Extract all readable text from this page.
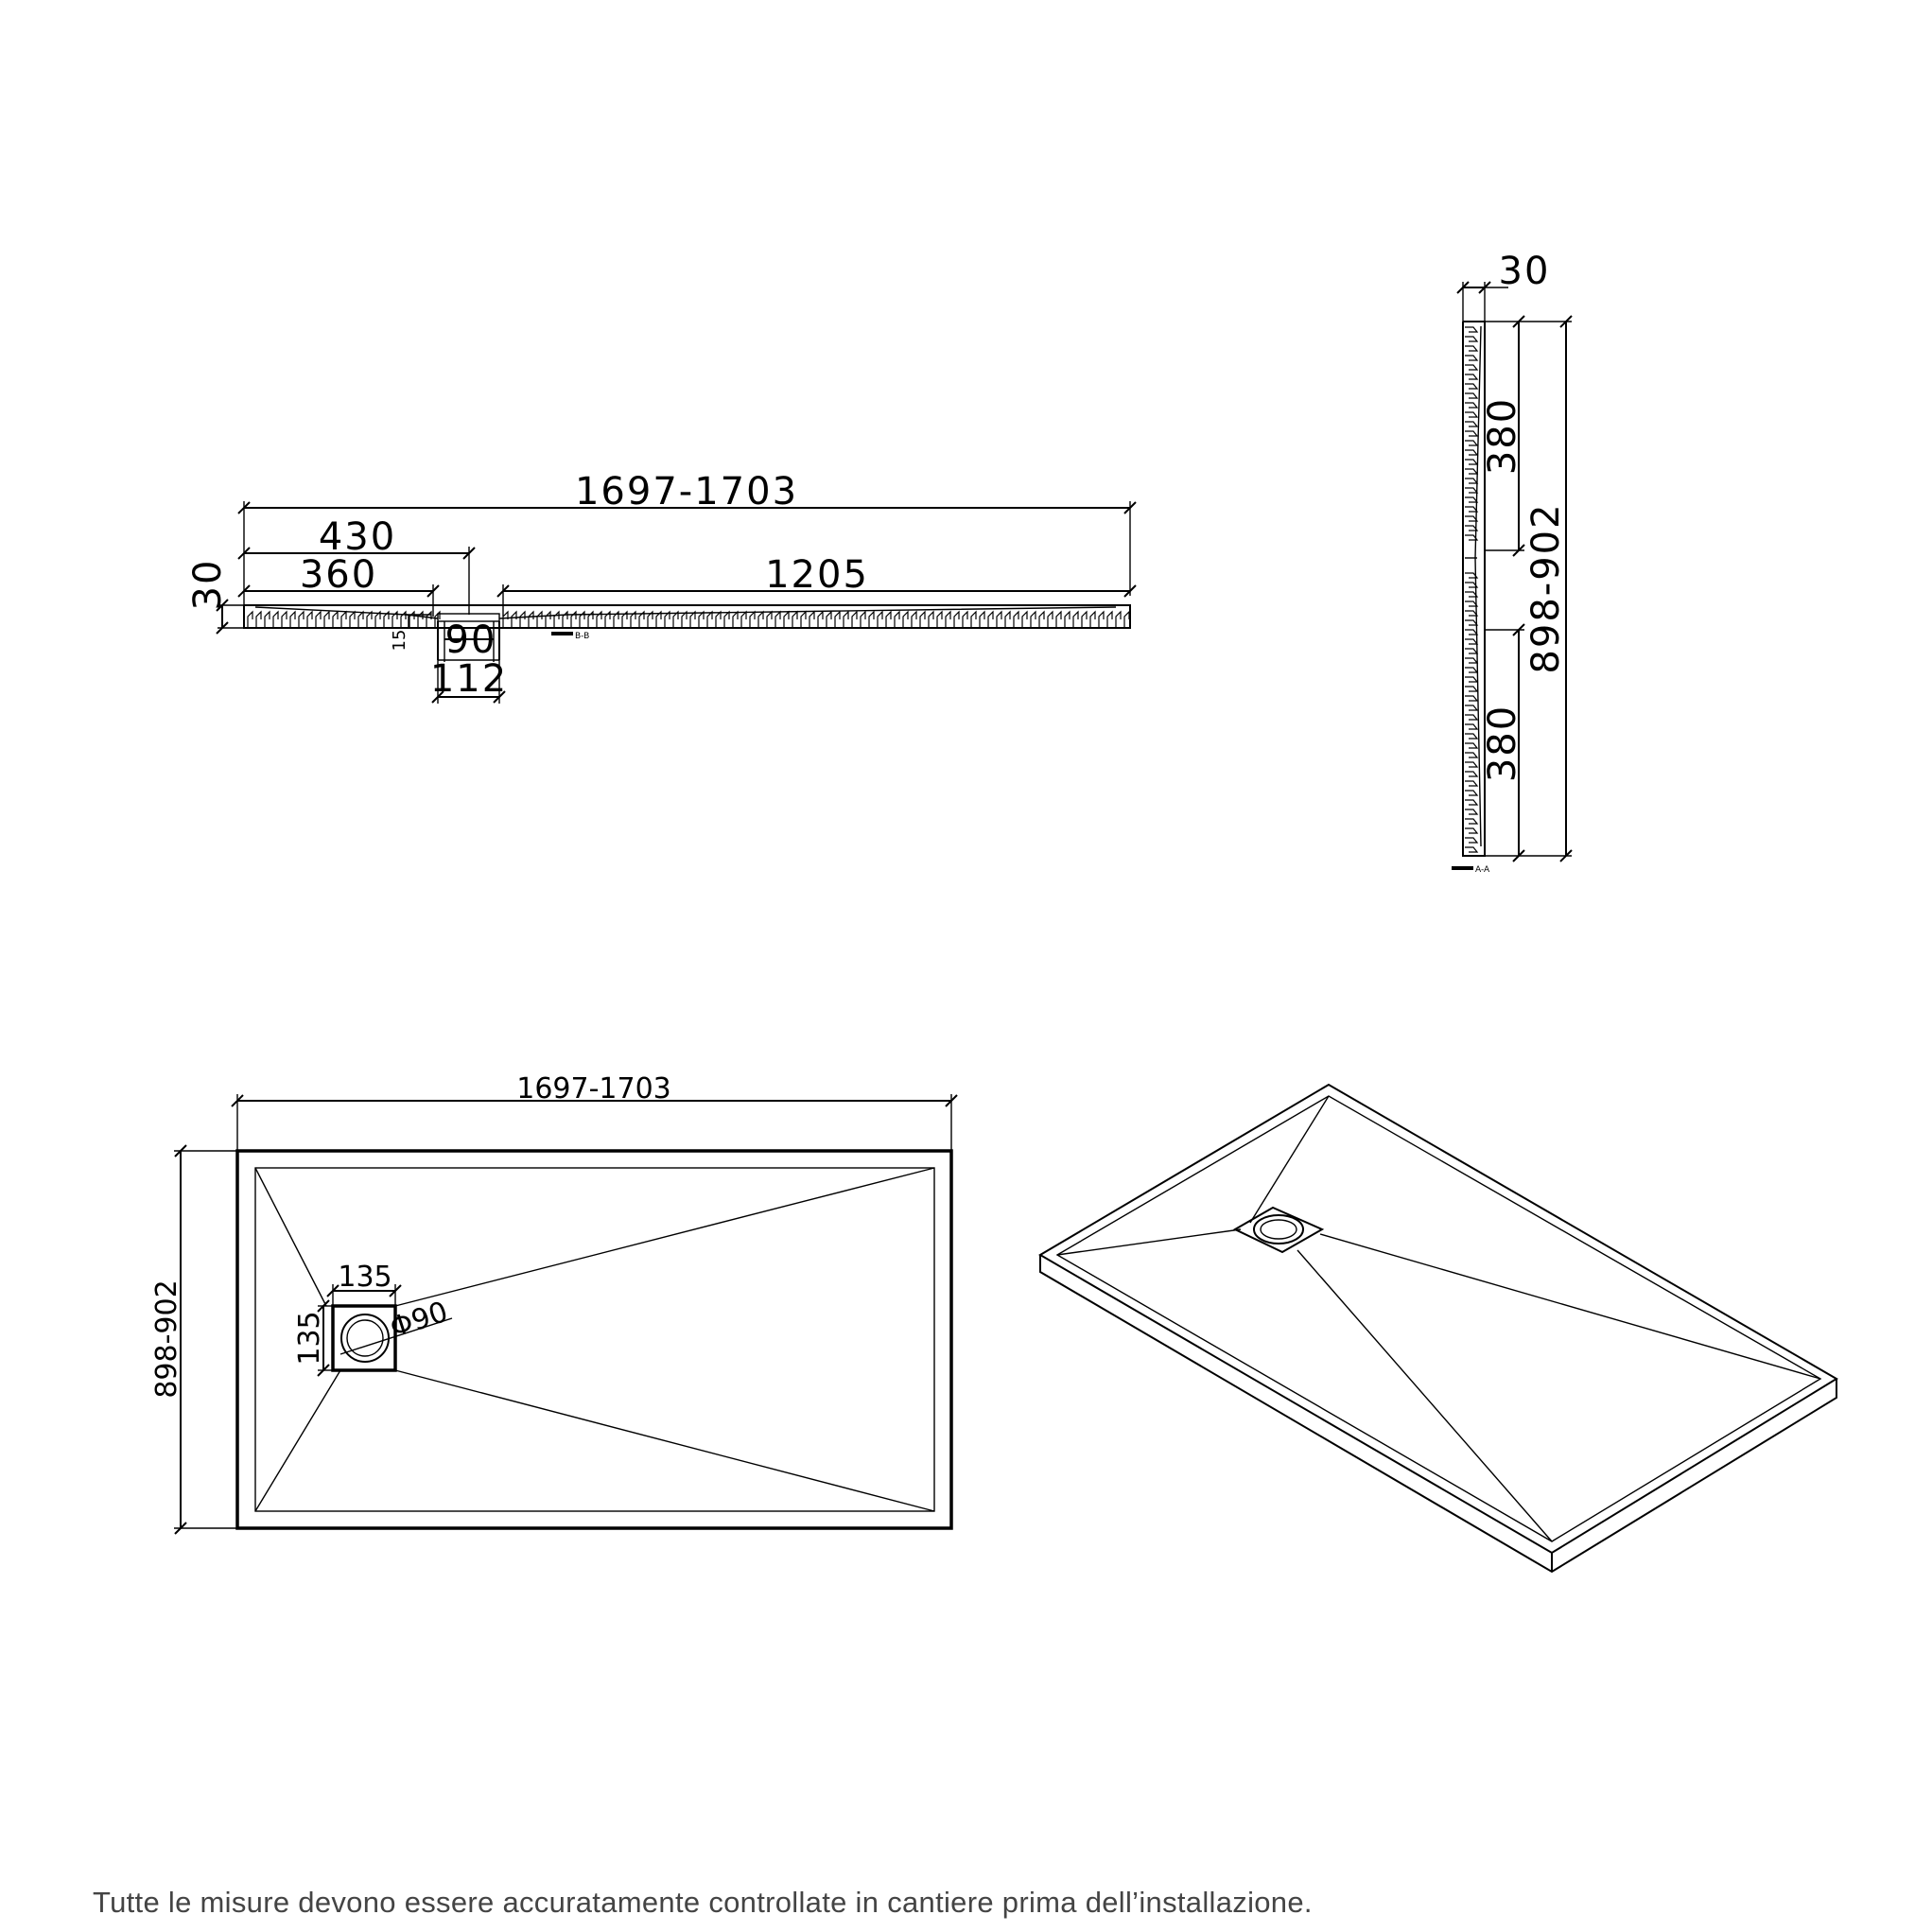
1697-1703
430
360	1205
30
15 90
112
B-B
30
898-902
380
380
A-A
1697-1703
898-902
135
135 Φ90
Tutte le misure devono essere accuratamente controllate in cantiere prima dell’installazione.
